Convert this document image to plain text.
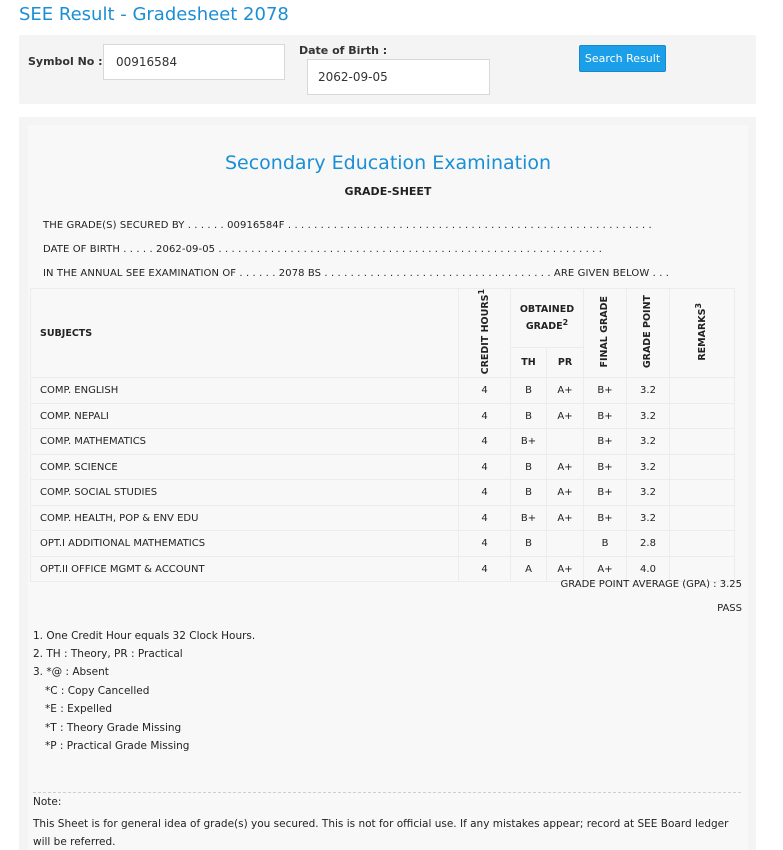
SEE Result - Gradesheet 2078
Symbol No :
00916584
Date of Birth :
2062-09-05
Search Result
Secondary Education Examination
GRADE-SHEET
THE GRADE(S) SECURED BY . . . . . . 00916584F . . . . . . . . . . . . . . . . . . . . . . . . . . . . . . . . . . . . . . . . . . . . . . . . . . . . . . . .
DATE OF BIRTH . . . . . 2062-09-05 . . . . . . . . . . . . . . . . . . . . . . . . . . . . . . . . . . . . . . . . . . . . . . . . . . . . . . . . . . .
IN THE ANNUAL SEE EXAMINATION OF . . . . . . 2078 BS . . . . . . . . . . . . . . . . . . . . . . . . . . . . . . . . . . . ARE GIVEN BELOW . . .
SUBJECTS	CREDIT HOURS$^1$	OBTAINED GRADE$^2$		FINAL GRADE	GRADE POINT	REMARKS$^3$
		TH	PR			
COMP. ENGLISH	4	B	A+	B+	3.2	
COMP. NEPALI	4	B	A+	B+	3.2	
COMP. MATHEMATICS	4	B+		B+	3.2	
COMP. SCIENCE	4	B	A+	B+	3.2	
COMP. SOCIAL STUDIES	4	B	A+	B+	3.2	
COMP. HEALTH, POP & ENV EDU	4	B+	A+	B+	3.2	
OPT.I ADDITIONAL MATHEMATICS	4	B		B	2.8	
OPT.II OFFICE MGMT & ACCOUNT	4	A	A+	A+	4.0	
GRADE POINT AVERAGE (GPA) : 3.25
PASS
1. One Credit Hour equals 32 Clock Hours.
2. TH : Theory, PR : Practical
3. *@ : Absent
*C : Copy Cancelled
*E : Expelled
*T : Theory Grade Missing
*P : Practical Grade Missing
Note:
This Sheet is for general idea of grade(s) you secured. This is not for official use. If any mistakes appear; record at SEE Board ledger will be referred.
